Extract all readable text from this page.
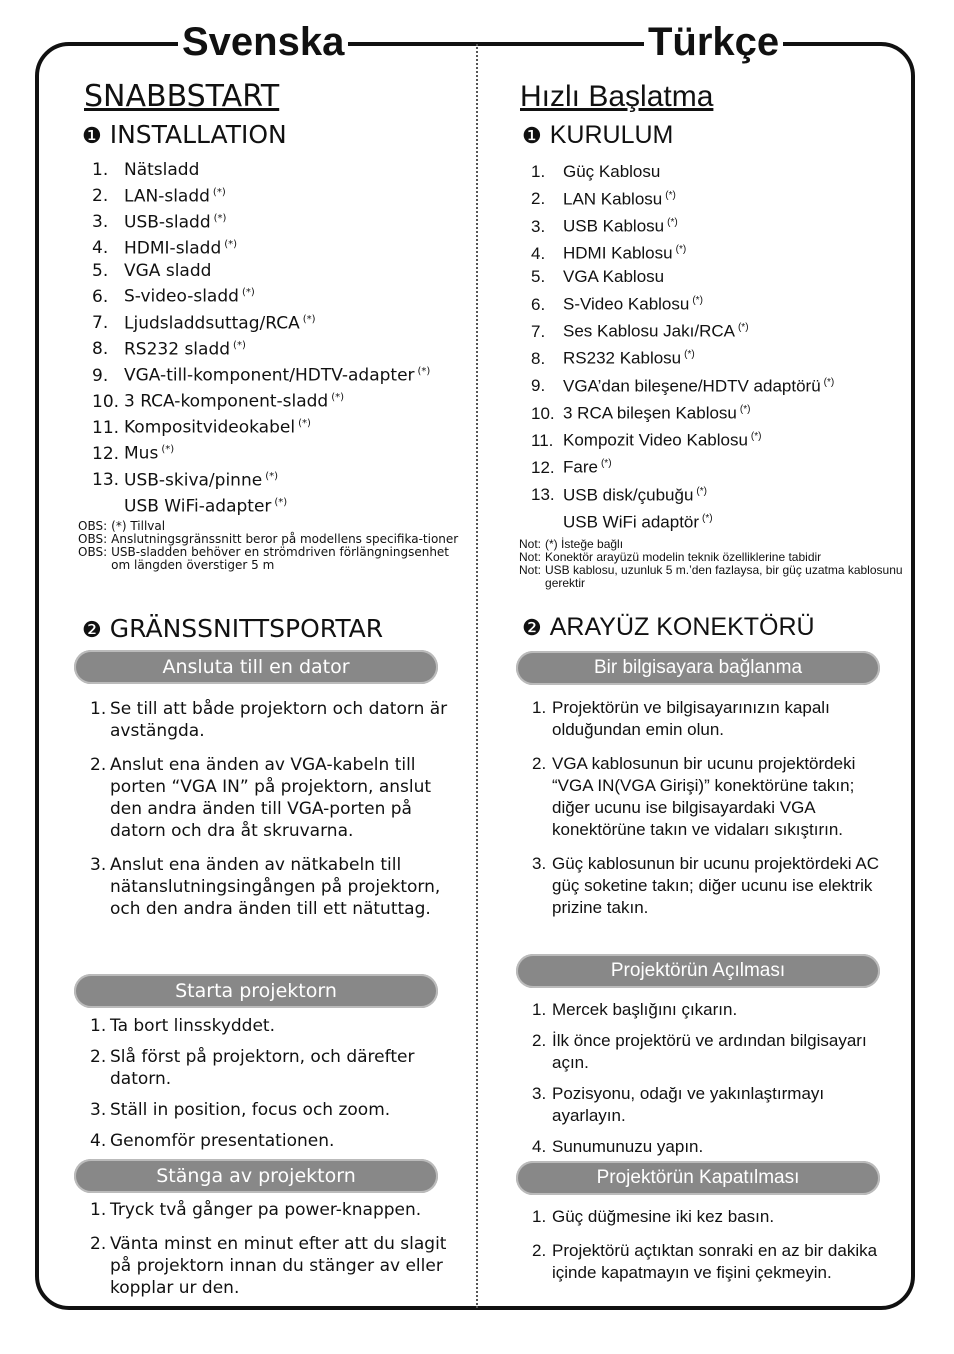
Svenska	Türkçe
SNABBSTART
❶ INSTALLATION
1. Nätsladd
2. LAN-sladd (*)
3. USB-sladd (*)
4. HDMI-sladd (*)
5. VGA sladd
6. S-video-sladd (*)
7. Ljudsladdsuttag/RCA (*)
8. RS232 sladd (*)
9. VGA-till-komponent/HDTV-adapter (*)
10. 3 RCA-komponent-sladd (*)
11. Kompositvideokabel (*)
12. Mus (*)
13. USB-skiva/pinne (*)
USB WiFi-adapter (*)
OBS: (*) Tillval
OBS: Anslutningsgränssnitt beror på modellens specifika-tioner
OBS: USB-sladden behöver en strömdriven förlängningsenhet om längden överstiger 5 m
❷ GRÄNSSNITTSPORTAR
Ansluta till en dator
1. Se till att både projektorn och datorn är avstängda.
2. Anslut ena änden av VGA-kabeln till porten “VGA IN” på projektorn, anslut den andra änden till VGA-porten på datorn och dra åt skruvarna.
3. Anslut ena änden av nätkabeln till nätanslutningsingången på projektorn, och den andra änden till ett nätuttag.
Starta projektorn
1. Ta bort linsskyddet.
2. Slå först på projektorn, och därefter datorn.
3. Ställ in position, focus och zoom.
4. Genomför presentationen.
Stänga av projektorn
1. Tryck två gånger pa power-knappen.
2. Vänta minst en minut efter att du slagit på projektorn innan du stänger av eller kopplar ur den.
Hızlı Başlatma
❶ KURULUM
1. Güç Kablosu
2. LAN Kablosu (*)
3. USB Kablosu (*)
4. HDMI Kablosu (*)
5. VGA Kablosu
6. S-Video Kablosu (*)
7. Ses Kablosu Jakı/RCA (*)
8. RS232 Kablosu (*)
9. VGA’dan bileşene/HDTV adaptörü (*)
10. 3 RCA bileşen Kablosu (*)
11. Kompozit Video Kablosu (*)
12. Fare (*)
13. USB disk/çubuğu (*)
USB WiFi adaptör (*)
Not: (*) İsteğe bağlı
Not: Konektör arayüzü modelin teknik özelliklerine tabidir
Not: USB kablosu, uzunluk 5 m.’den fazlaysa, bir güç uzatma kablosunu gerektir
❷ ARAYÜZ KONEKTÖRÜ
Bir bilgisayara bağlanma
1. Projektörün ve bilgisayarınızın kapalı olduğundan emin olun.
2. VGA kablosunun bir ucunu projektördeki “VGA IN(VGA Girişi)” konektörüne takın; diğer ucunu ise bilgisayardaki VGA konektörüne takın ve vidaları sıkıştırın.
3. Güç kablosunun bir ucunu projektördeki AC güç soketine takın; diğer ucunu ise elektrik prizine takın.
Projektörün Açılması
1. Mercek başlığını çıkarın.
2. İlk önce projektörü ve ardından bilgisayarı açın.
3. Pozisyonu, odağı ve yakınlaştırmayı ayarlayın.
4. Sunumunuzu yapın.
Projektörün Kapatılması
1. Güç düğmesine iki kez basın.
2. Projektörü açtıktan sonraki en az bir dakika içinde kapatmayın ve fişini çekmeyin.
